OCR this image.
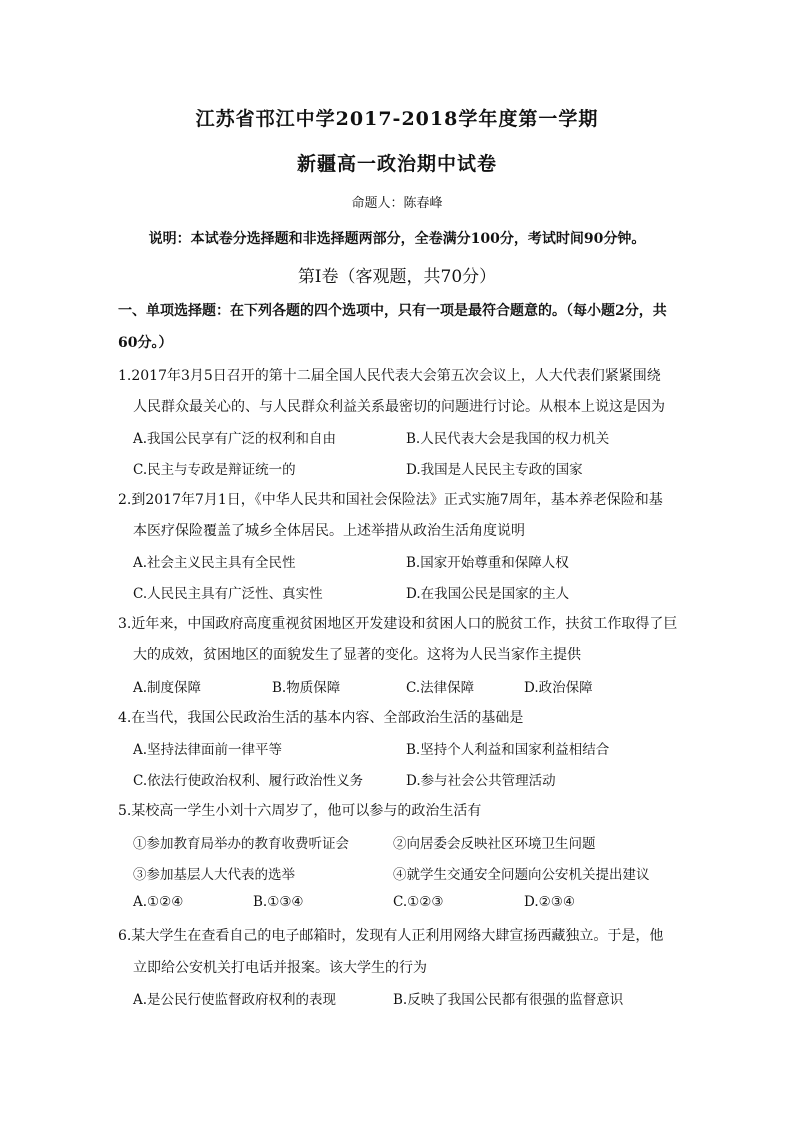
江苏省邗江中学2017-2018学年度第一学期
新疆高一政治期中试卷
命题人：陈春峰
说明：本试卷分选择题和非选择题两部分，全卷满分100分，考试时间90分钟。
第Ⅰ卷（客观题，共70分）
一、单项选择题：在下列各题的四个选项中，只有一项是最符合题意的。（每小题2分，共
60分。）
1.2017年3月5日召开的第十二届全国人民代表大会第五次会议上，人大代表们紧紧围绕
人民群众最关心的、与人民群众利益关系最密切的问题进行讨论。从根本上说这是因为
A.我国公民享有广泛的权利和自由	B.人民代表大会是我国的权力机关
C.民主与专政是辩证统一的	D.我国是人民民主专政的国家
2.到2017年7月1日，《中华人民共和国社会保险法》正式实施7周年，基本养老保险和基
本医疗保险覆盖了城乡全体居民。上述举措从政治生活角度说明
A.社会主义民主具有全民性	B.国家开始尊重和保障人权
C.人民民主具有广泛性、真实性	D.在我国公民是国家的主人
3.近年来，中国政府高度重视贫困地区开发建设和贫困人口的脱贫工作，扶贫工作取得了巨
大的成效，贫困地区的面貌发生了显著的变化。这将为人民当家作主提供
A.制度保障	B.物质保障	C.法律保障	D.政治保障
4.在当代，我国公民政治生活的基本内容、全部政治生活的基础是
A.坚持法律面前一律平等	B.坚持个人利益和国家利益相结合
C.依法行使政治权利、履行政治性义务	D.参与社会公共管理活动
5.某校高一学生小刘十六周岁了，他可以参与的政治生活有
①参加教育局举办的教育收费听证会	②向居委会反映社区环境卫生问题
③参加基层人大代表的选举	④就学生交通安全问题向公安机关提出建议
A.①②④	B.①③④	C.①②③	D.②③④
6.某大学生在查看自己的电子邮箱时，发现有人正利用网络大肆宣扬西藏独立。于是，他
立即给公安机关打电话并报案。该大学生的行为
A.是公民行使监督政府权利的表现	B.反映了我国公民都有很强的监督意识
